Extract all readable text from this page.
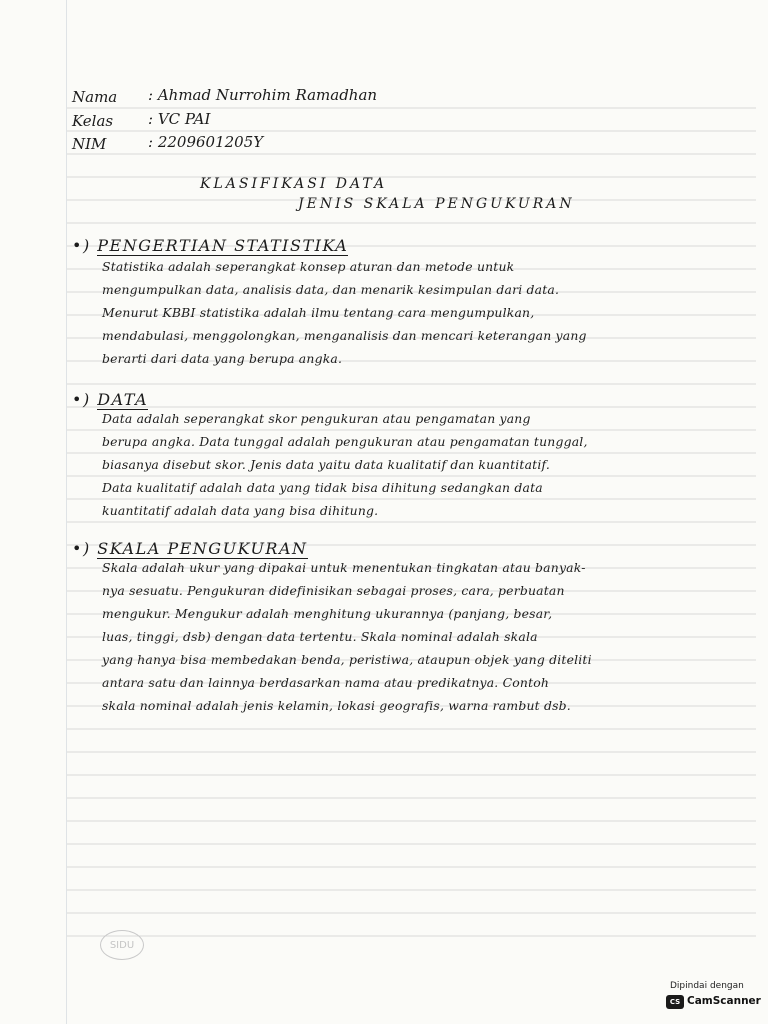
Nama : Ahmad Nurrohim Ramadhan

Kelas : VC PAI

NIM	: 2209601205Y

KLASIFIKASI DATA

JENIS SKALA PENGUKURAN

•) PENGERTIAN STATISTIKA

Statistika adalah seperangkat konsep aturan dan metode untuk

mengumpulkan data, analisis data, dan menarik kesimpulan dari data.

Menurut KBBI statistika adalah ilmu tentang cara mengumpulkan,

mendabulasi, menggolongkan, menganalisis dan mencari keterangan yang

berarti dari data yang berupa angka.

•) DATA

Data adalah seperangkat skor pengukuran atau pengamatan yang

berupa angka. Data tunggal adalah pengukuran atau pengamatan tunggal,

biasanya disebut skor. Jenis data yaitu data kualitatif dan kuantitatif.

Data kualitatif adalah data yang tidak bisa dihitung sedangkan data

kuantitatif adalah data yang bisa dihitung.

•) SKALA PENGUKURAN

Skala adalah ukur yang dipakai untuk menentukan tingkatan atau banyak-

nya sesuatu. Pengukuran didefinisikan sebagai proses, cara, perbuatan

mengukur. Mengukur adalah menghitung ukurannya (panjang, besar,

luas, tinggi, dsb) dengan data tertentu. Skala nominal adalah skala

yang hanya bisa membedakan benda, peristiwa, ataupun objek yang diteliti

antara satu dan lainnya berdasarkan nama atau predikatnya. Contoh

skala nominal adalah jenis kelamin, lokasi geografis, warna rambut dsb.

SIDU
Dipindai dengan
CS CamScanner
